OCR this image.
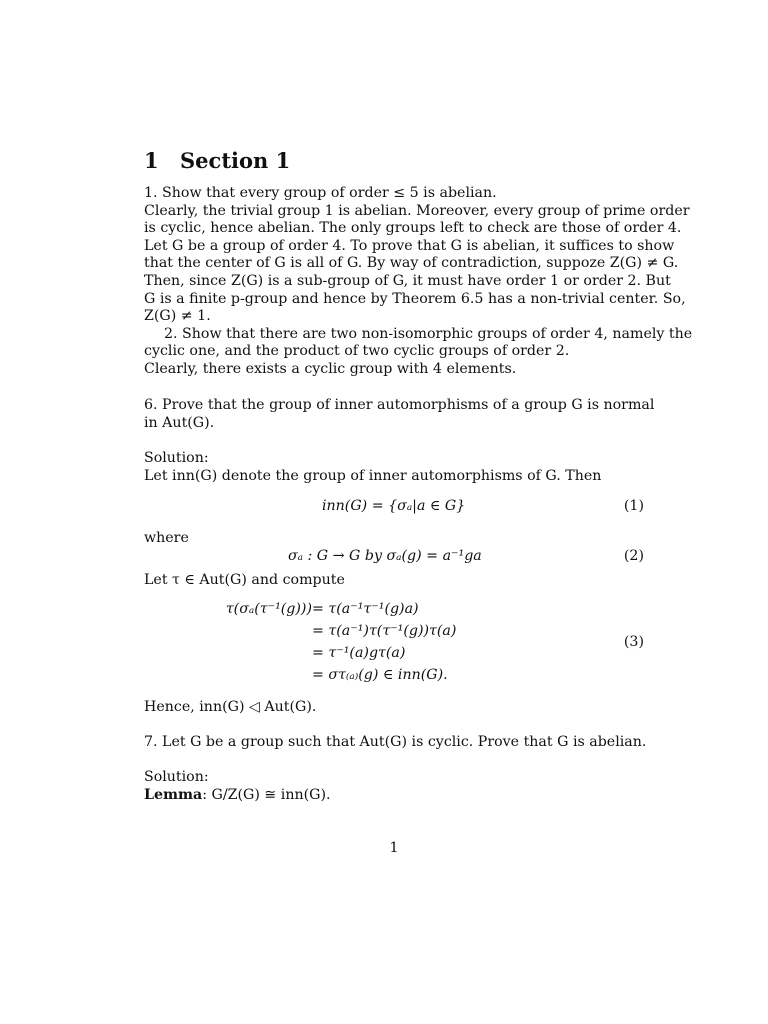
1 Section 1
1. Show that every group of order ≤ 5 is abelian.
Clearly, the trivial group 1 is abelian. Moreover, every group of prime order
is cyclic, hence abelian. The only groups left to check are those of order 4.
Let G be a group of order 4. To prove that G is abelian, it suffices to show
that the center of G is all of G. By way of contradiction, suppoze Z(G) ≠ G.
Then, since Z(G) is a sub-group of G, it must have order 1 or order 2. But
G is a finite p-group and hence by Theorem 6.5 has a non-trivial center. So,
Z(G) ≠ 1.
2. Show that there are two non-isomorphic groups of order 4, namely the
cyclic one, and the product of two cyclic groups of order 2.
Clearly, there exists a cyclic group with 4 elements.
6. Prove that the group of inner automorphisms of a group G is normal
in Aut(G).
Solution:
Let inn(G) denote the group of inner automorphisms of G. Then
inn(G) = {σₐ|a ∈ G}	(1)
where
σₐ : G → G by σₐ(g) = a⁻¹ga	(2)
Let τ ∈ Aut(G) and compute
τ(σₐ(τ⁻¹(g))) = τ(a⁻¹τ⁻¹(g)a)
= τ(a⁻¹)τ(τ⁻¹(g))τ(a)
= τ⁻¹(a)gτ(a)
= στ₍ₐ₎(g) ∈ inn(G).
(3)
Hence, inn(G) ◁ Aut(G).
7. Let G be a group such that Aut(G) is cyclic. Prove that G is abelian.
Solution:
Lemma: G/Z(G) ≅ inn(G).
1
